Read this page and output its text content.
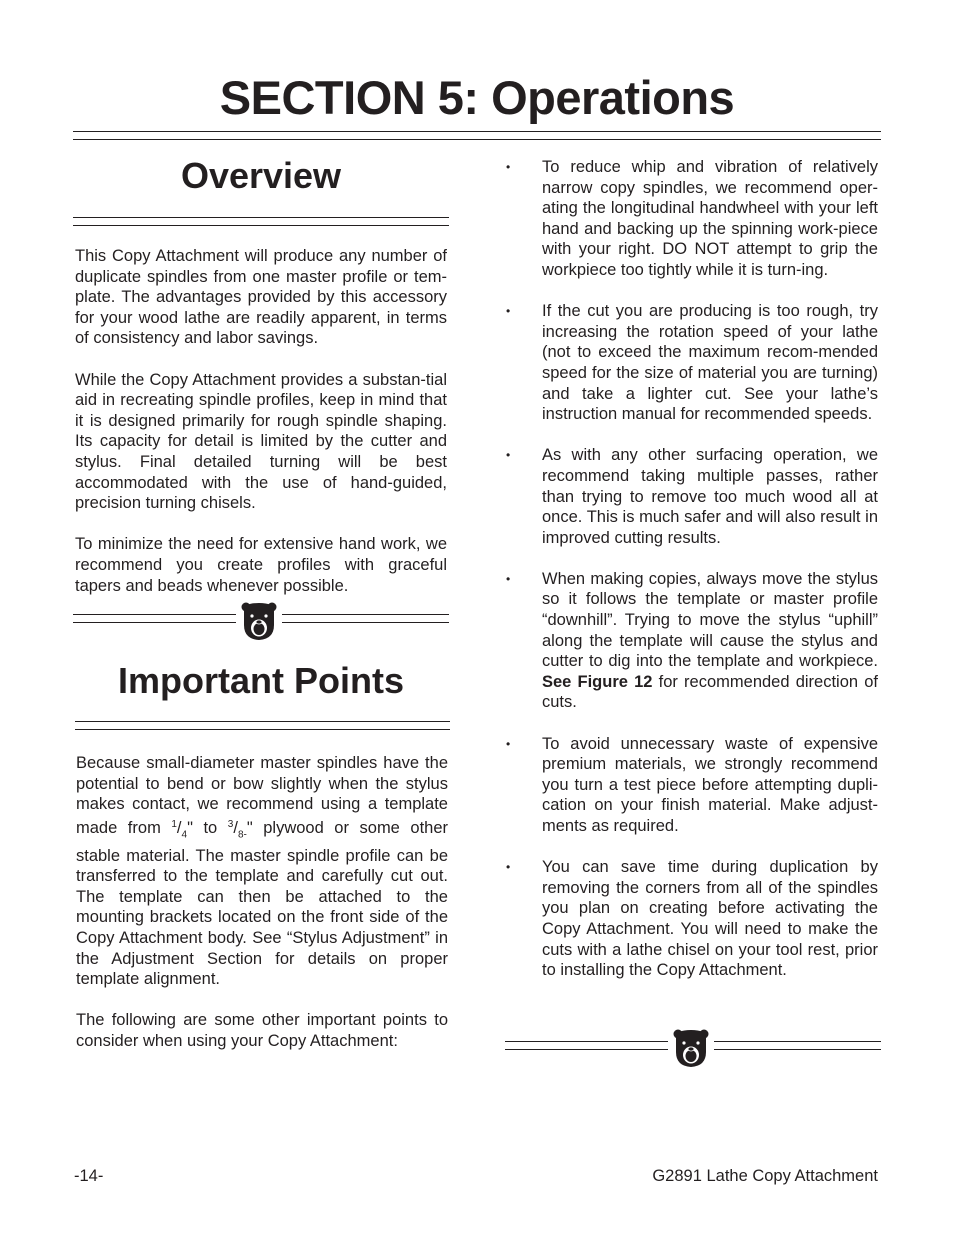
SECTION 5: Operations
Overview

This Copy Attachment will produce any number of duplicate spindles from one master profile or tem-plate. The advantages provided by this accessory for your wood lathe are readily apparent, in terms of consistency and labor savings.

While the Copy Attachment provides a substan-tial aid in recreating spindle profiles, keep in mind that it is designed primarily for rough spindle shaping. Its capacity for detail is limited by the cutter and stylus. Final detailed turning will be best accommodated with the use of hand-guided, precision turning chisels.

To minimize the need for extensive hand work, we recommend you create profiles with graceful tapers and beads whenever possible.

Important Points

Because small-diameter master spindles have the potential to bend or bow slightly when the stylus makes contact, we recommend using a template made from $^1/_4$" to $^3/_{8-}$" plywood or some other stable material. The master spindle profile can be transferred to the template and carefully cut out. The template can then be attached to the mounting brackets located on the front side of the Copy Attachment body. See “Stylus Adjustment” in the Adjustment Section for details on proper template alignment.

The following are some other important points to consider when using your Copy Attachment:

• To reduce whip and vibration of relatively narrow copy spindles, we recommend oper-ating the longitudinal handwheel with your left hand and backing up the spinning work-piece with your right. DO NOT attempt to grip the workpiece too tightly while it is turn-ing.
• If the cut you are producing is too rough, try increasing the rotation speed of your lathe (not to exceed the maximum recom-mended speed for the size of material you are turning) and take a lighter cut. See your lathe’s instruction manual for recommended speeds.
• As with any other surfacing operation, we recommend taking multiple passes, rather than trying to remove too much wood all at once. This is much safer and will also result in improved cutting results.
• When making copies, always move the stylus so it follows the template or master profile “downhill”. Trying to move the stylus “uphill” along the template will cause the stylus and cutter to dig into the template and workpiece. See Figure 12 for recommended direction of cuts.
• To avoid unnecessary waste of expensive premium materials, we strongly recommend you turn a test piece before attempting dupli-cation on your finish material. Make adjust-ments as required.
• You can save time during duplication by removing the corners from all of the spindles you plan on creating before activating the Copy Attachment. You will need to make the cuts with a lathe chisel on your tool rest, prior to installing the Copy Attachment.
-14-	G2891 Lathe Copy Attachment
